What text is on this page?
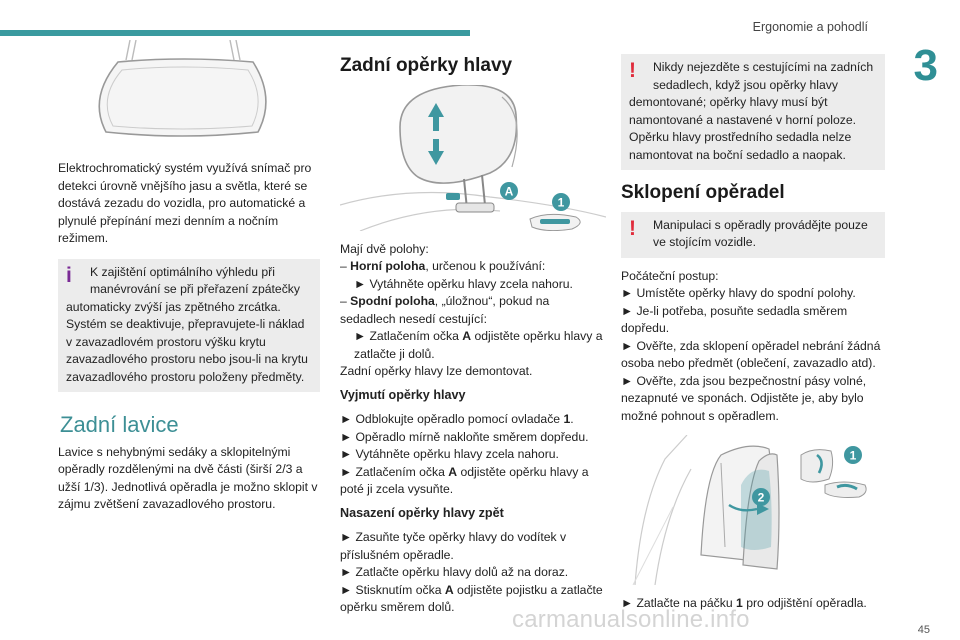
Ergonomie a pohodlí
3

Elektrochromatický systém využívá snímač pro detekci úrovně vnějšího jasu a světla, které se dostává zezadu do vozidla, pro automatické a plynulé přepínání mezi denním a nočním režimem.

i	K zajištění optimálního výhledu při manévrování se při přeřazení zpátečky

automaticky zvýší jas zpětného zrcátka. Systém se deaktivuje, přepravujete-li náklad v zavazadlovém prostoru výšku krytu zavazadlového prostoru nebo jsou-li na krytu zavazadlového prostoru položeny předměty.

Zadní lavice

Lavice s nehybnými sedáky a sklopitelnými opěradly rozdělenými na dvě části (širší 2/3 a užší 1/3). Jednotlivá opěradla je možno sklopit v zájmu zvětšení zavazadlového prostoru.

Zadní opěrky hlavy
A
1

Mají dvě polohy:

– Horní poloha, určenou k používání:

► Vytáhněte opěrku hlavy zcela nahoru.

– Spodní poloha, „úložnou“, pokud na sedadlech nesedí cestující:

► Zatlačením očka A odjistěte opěrku hlavy a zatlačte ji dolů.

Zadní opěrky hlavy lze demontovat.

Vyjmutí opěrky hlavy

► Odblokujte opěradlo pomocí ovladače 1.

► Opěradlo mírně nakloňte směrem dopředu.

► Vytáhněte opěrku hlavy zcela nahoru.

► Zatlačením očka A odjistěte opěrku hlavy a poté ji zcela vysuňte.

Nasazení opěrky hlavy zpět

► Zasuňte tyče opěrky hlavy do vodítek v příslušném opěradle.

► Zatlačte opěrku hlavy dolů až na doraz.

► Stisknutím očka A odjistěte pojistku a zatlačte opěrku směrem dolů.

!	Nikdy nejezděte s cestujícími na zadních sedadlech, když jsou opěrky hlavy

demontované; opěrky hlavy musí být namontované a nastavené v horní poloze. Opěrku hlavy prostředního sedadla nelze namontovat na boční sedadlo a naopak.

Sklopení opěradel
!	Manipulaci s opěradly provádějte pouze ve stojícím vozidle.

Počáteční postup:

► Umístěte opěrky hlavy do spodní polohy.

► Je-li potřeba, posuňte sedadla směrem dopředu.

► Ověřte, zda sklopení opěradel nebrání žádná osoba nebo předmět (oblečení, zavazadlo atd).

► Ověřte, zda jsou bezpečnostní pásy volné, nezapnuté ve sponách. Odjistěte je, aby bylo možné pohnout s opěradlem.

1
2

► Zatlačte na páčku 1 pro odjištění opěradla.

carmanualsonline.info	45
